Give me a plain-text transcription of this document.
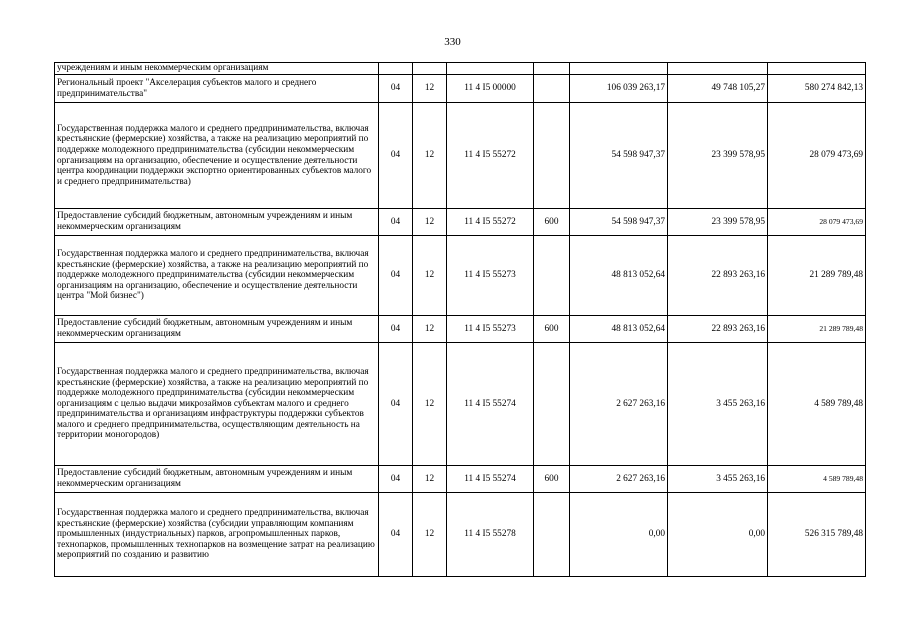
330
учреждениям и иным некоммерческим организациям							
Региональный проект "Акселерация субъектов малого и среднего предпринимательства"	04	12	11 4 I5 00000		106 039 263,17	49 748 105,27	580 274 842,13
Государственная поддержка малого и среднего предпринимательства, включая крестьянские (фермерские) хозяйства, а также на реализацию мероприятий по поддержке молодежного предпринимательства (субсидии некоммерческим организациям на организацию, обеспечение и осуществление деятельности центра координации поддержки экспортно ориентированных субъектов малого и среднего предпринимательства)	04	12	11 4 I5 55272		54 598 947,37	23 399 578,95	28 079 473,69
Предоставление субсидий бюджетным, автономным учреждениям и иным некоммерческим организациям	04	12	11 4 I5 55272	600	54 598 947,37	23 399 578,95	28 079 473,69
Государственная поддержка малого и среднего предпринимательства, включая крестьянские (фермерские) хозяйства, а также на реализацию мероприятий по поддержке молодежного предпринимательства (субсидии некоммерческим организациям на организацию, обеспечение и осуществление деятельности центра "Мой бизнес")	04	12	11 4 I5 55273		48 813 052,64	22 893 263,16	21 289 789,48
Предоставление субсидий бюджетным, автономным учреждениям и иным некоммерческим организациям	04	12	11 4 I5 55273	600	48 813 052,64	22 893 263,16	21 289 789,48
Государственная поддержка малого и среднего предпринимательства, включая крестьянские (фермерские) хозяйства, а также на реализацию мероприятий по поддержке молодежного предпринимательства (субсидии некоммерческим организациям с целью выдачи микрозаймов субъектам малого и среднего предпринимательства и организациям инфраструктуры поддержки субъектов малого и среднего предпринимательства, осуществляющим деятельность на территории моногородов)	04	12	11 4 I5 55274		2 627 263,16	3 455 263,16	4 589 789,48
Предоставление субсидий бюджетным, автономным учреждениям и иным некоммерческим организациям	04	12	11 4 I5 55274	600	2 627 263,16	3 455 263,16	4 589 789,48
Государственная поддержка малого и среднего предпринимательства, включая крестьянские (фермерские) хозяйства (субсидии управляющим компаниям промышленных (индустриальных) парков, агропромышленных парков, технопарков, промышленных технопарков на возмещение затрат на реализацию мероприятий по созданию и развитию	04	12	11 4 I5 55278		0,00	0,00	526 315 789,48
